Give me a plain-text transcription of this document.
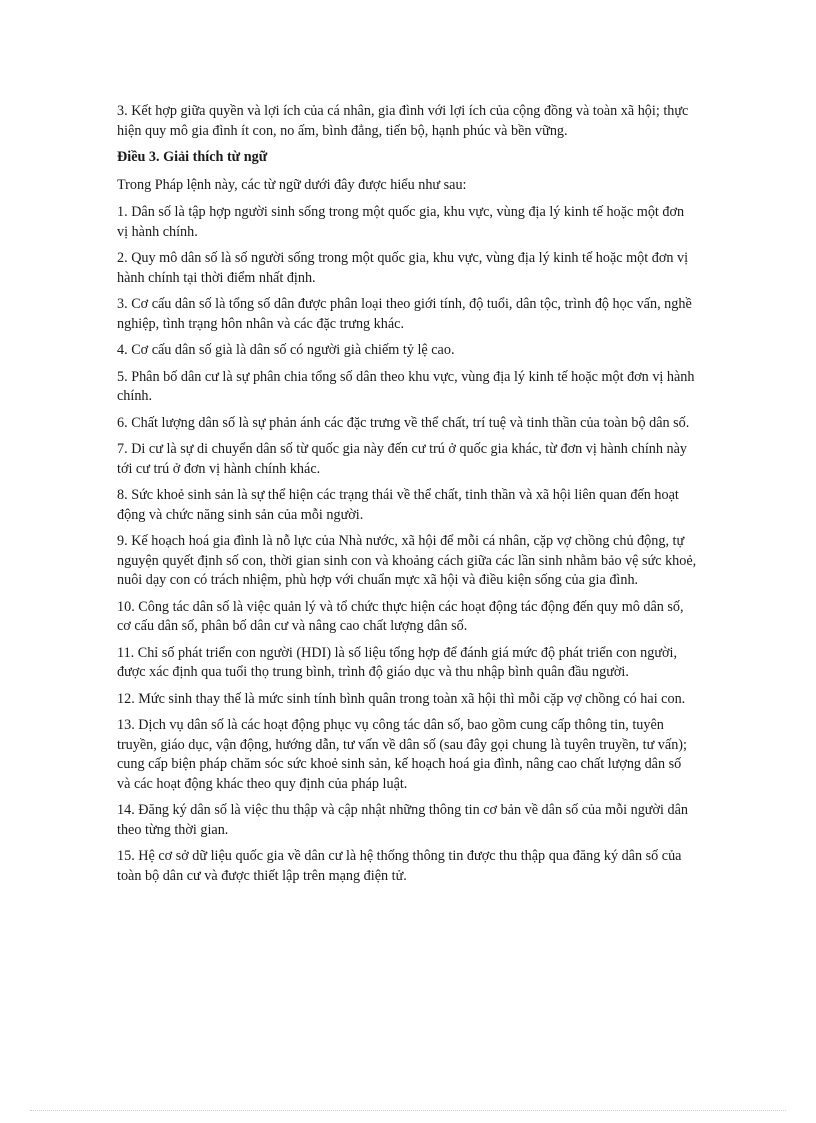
3. Kết hợp giữa quyền và lợi ích của cá nhân, gia đình với lợi ích của cộng đồng và toàn xã hội; thực hiện quy mô gia đình ít con, no ấm, bình đẳng, tiến bộ, hạnh phúc và bền vững.

Điều 3. Giải thích từ ngữ

Trong Pháp lệnh này, các từ ngữ dưới đây được hiểu như sau:

1. Dân số là tập hợp người sinh sống trong một quốc gia, khu vực, vùng địa lý kinh tế hoặc một đơn vị hành chính.

2. Quy mô dân số là số người sống trong một quốc gia, khu vực, vùng địa lý kinh tế hoặc một đơn vị hành chính tại thời điểm nhất định.

3. Cơ cấu dân số là tổng số dân được phân loại theo giới tính, độ tuổi, dân tộc, trình độ học vấn, nghề nghiệp, tình trạng hôn nhân và các đặc trưng khác.

4. Cơ cấu dân số già là dân số có người già chiếm tỷ lệ cao.

5. Phân bố dân cư là sự phân chia tổng số dân theo khu vực, vùng địa lý kinh tế hoặc một đơn vị hành chính.

6. Chất lượng dân số là sự phản ánh các đặc trưng về thể chất, trí tuệ và tinh thần của toàn bộ dân số.

7. Di cư là sự di chuyển dân số từ quốc gia này đến cư trú ở quốc gia khác, từ đơn vị hành chính này tới cư trú ở đơn vị hành chính khác.

8. Sức khoẻ sinh sản là sự thể hiện các trạng thái về thể chất, tinh thần và xã hội liên quan đến hoạt động và chức năng sinh sản của mỗi người.

9. Kế hoạch hoá gia đình là nỗ lực của Nhà nước, xã hội để mỗi cá nhân, cặp vợ chồng chủ động, tự nguyện quyết định số con, thời gian sinh con và khoảng cách giữa các lần sinh nhằm bảo vệ sức khoẻ, nuôi dạy con có trách nhiệm, phù hợp với chuẩn mực xã hội và điều kiện sống của gia đình.

10. Công tác dân số là việc quản lý và tổ chức thực hiện các hoạt động tác động đến quy mô dân số, cơ cấu dân số, phân bố dân cư và nâng cao chất lượng dân số.

11. Chỉ số phát triển con người (HDI) là số liệu tổng hợp để đánh giá mức độ phát triển con người, được xác định qua tuổi thọ trung bình, trình độ giáo dục và thu nhập bình quân đầu người.

12. Mức sinh thay thế là mức sinh tính bình quân trong toàn xã hội thì mỗi cặp vợ chồng có hai con.

13. Dịch vụ dân số là các hoạt động phục vụ công tác dân số, bao gồm cung cấp thông tin, tuyên truyền, giáo dục, vận động, hướng dẫn, tư vấn về dân số (sau đây gọi chung là tuyên truyền, tư vấn); cung cấp biện pháp chăm sóc sức khoẻ sinh sản, kế hoạch hoá gia đình, nâng cao chất lượng dân số và các hoạt động khác theo quy định của pháp luật.

14. Đăng ký dân số là việc thu thập và cập nhật những thông tin cơ bản về dân số của mỗi người dân theo từng thời gian.

15. Hệ cơ sở dữ liệu quốc gia về dân cư là hệ thống thông tin được thu thập qua đăng ký dân số của toàn bộ dân cư và được thiết lập trên mạng điện tử.
